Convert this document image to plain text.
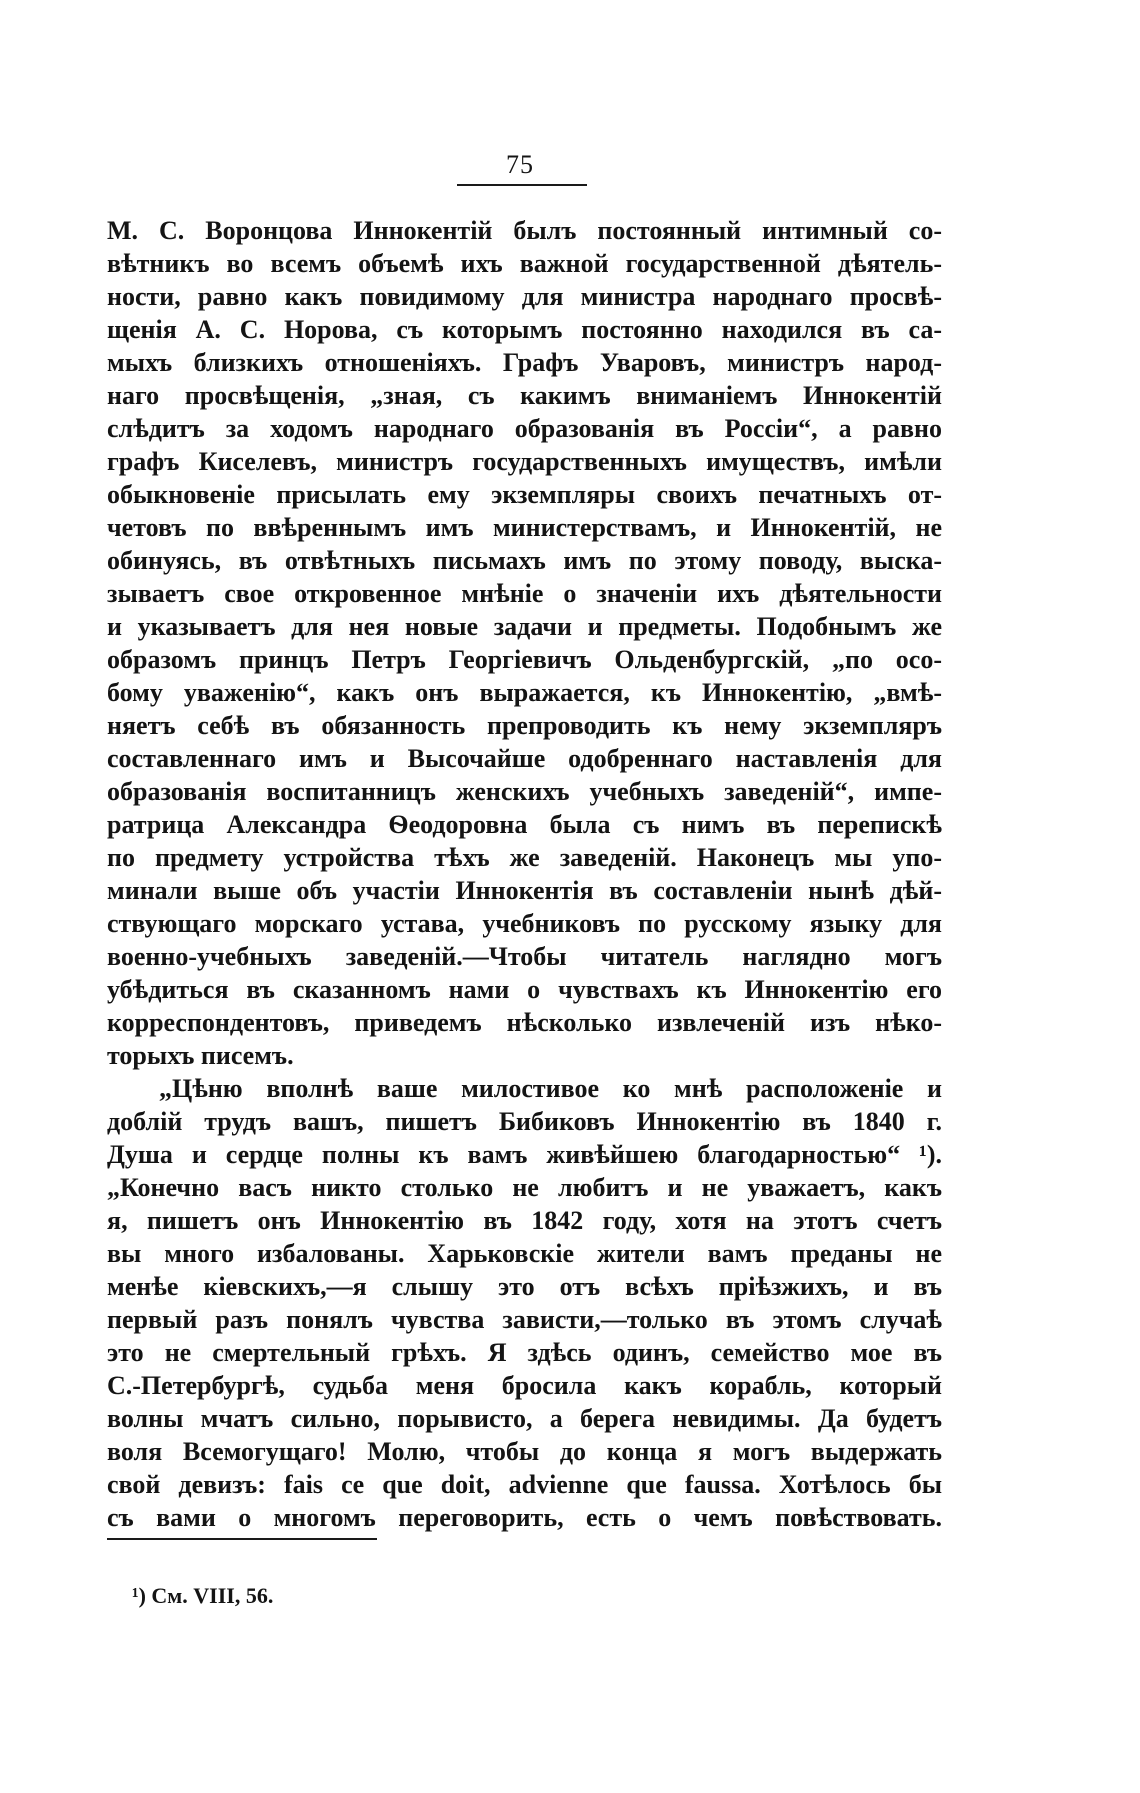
75
М. С. Воронцова Иннокентій былъ постоянный интимный со-
вѣтникъ во всемъ объемѣ ихъ важной государственной дѣятель-
ности, равно какъ повидимому для министра народнаго просвѣ-
щенія А. С. Норова, съ которымъ постоянно находился въ са-
мыхъ близкихъ отношеніяхъ. Графъ Уваровъ, министръ народ-
наго просвѣщенія, „зная, съ какимъ вниманіемъ Иннокентій
слѣдитъ за ходомъ народнаго образованія въ Россіи“, а равно
графъ Киселевъ, министръ государственныхъ имуществъ, имѣли
обыкновеніе присылать ему экземпляры своихъ печатныхъ от-
четовъ по ввѣреннымъ имъ министерствамъ, и Иннокентій, не
обинуясь, въ отвѣтныхъ письмахъ имъ по этому поводу, выска-
зываетъ свое откровенное мнѣніе о значеніи ихъ дѣятельности
и указываетъ для нея новые задачи и предметы. Подобнымъ же
образомъ принцъ Петръ Георгіевичъ Ольденбургскій, „по осо-
бому уваженію“, какъ онъ выражается, къ Иннокентію, „вмѣ-
няетъ себѣ въ обязанность препроводить къ нему экземпляръ
составленнаго имъ и Высочайше одобреннаго наставленія для
образованія воспитанницъ женскихъ учебныхъ заведеній“, импе-
ратрица Александра Ѳеодоровна была съ нимъ въ перепискѣ
по предмету устройства тѣхъ же заведеній. Наконецъ мы упо-
минали выше объ участіи Иннокентія въ составленіи нынѣ дѣй-
ствующаго морскаго устава, учебниковъ по русскому языку для
военно-учебныхъ заведеній.—Чтобы читатель наглядно могъ
убѣдиться въ сказанномъ нами о чувствахъ къ Иннокентію его
корреспондентовъ, приведемъ нѣсколько извлеченій изъ нѣко-
торыхъ писемъ.
„Цѣню вполнѣ ваше милостивое ко мнѣ расположеніе и
доблій трудъ вашъ, пишетъ Бибиковъ Иннокентію въ 1840 г.
Душа и сердце полны къ вамъ живѣйшею благодарностью“ ¹).
„Конечно васъ никто столько не любитъ и не уважаетъ, какъ
я, пишетъ онъ Иннокентію въ 1842 году, хотя на этотъ счетъ
вы много избалованы. Харьковскіе жители вамъ преданы не
менѣе кіевскихъ,—я слышу это отъ всѣхъ пріѣзжихъ, и въ
первый разъ понялъ чувства зависти,—только въ этомъ случаѣ
это не смертельный грѣхъ. Я здѣсь одинъ, семейство мое въ
С.-Петербургѣ, судьба меня бросила какъ корабль, который
волны мчатъ сильно, порывисто, а берега невидимы. Да будетъ
воля Всемогущаго! Молю, чтобы до конца я могъ выдержать
свой девизъ: fais ce que doit, advienne que faussa. Хотѣлось бы
съ вами о многомъ переговорить, есть о чемъ повѣствовать.
¹) См. VIII, 56.
